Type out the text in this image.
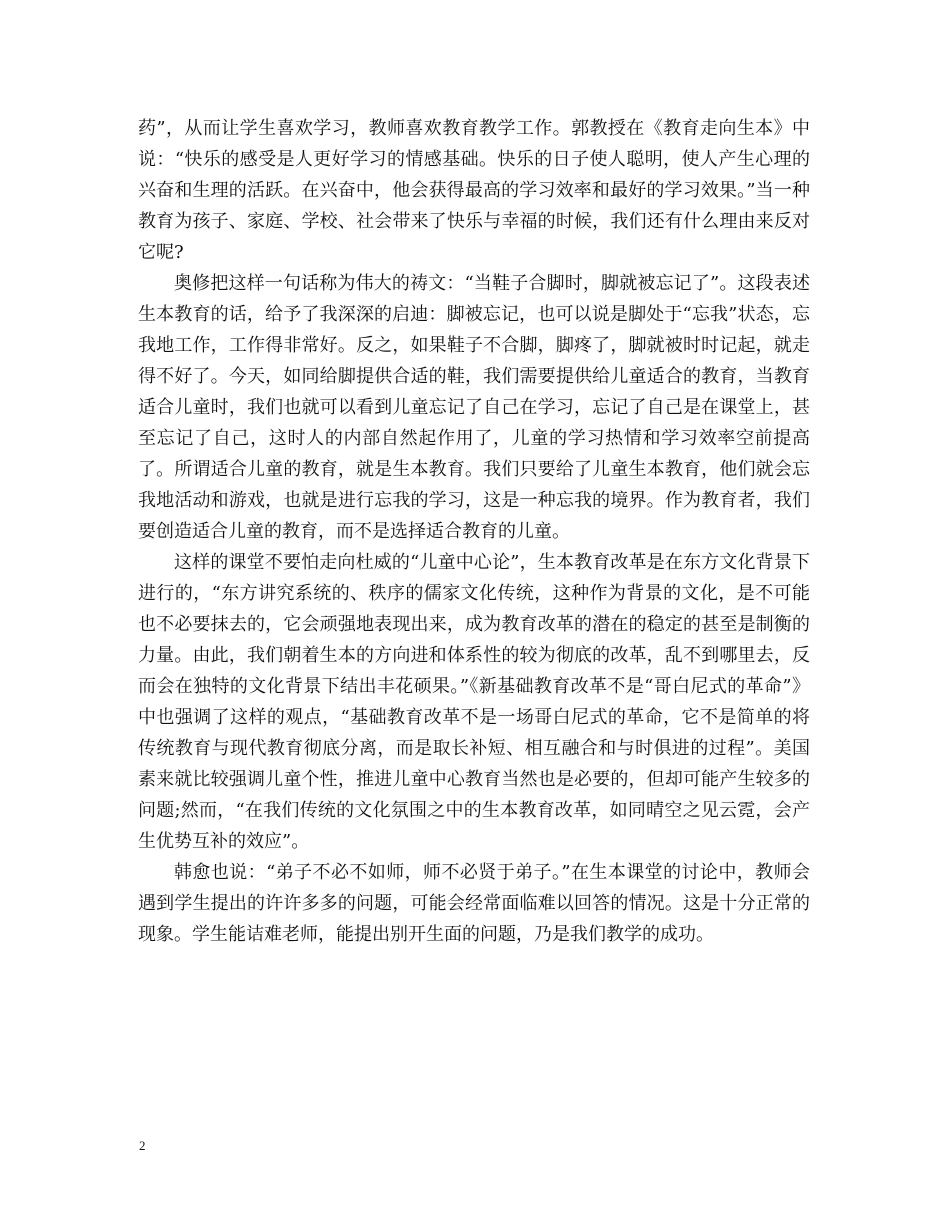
药”，从而让学生喜欢学习，教师喜欢教育教学工作。郭教授在《教育走向生本》中说：“快乐的感受是人更好学习的情感基础。快乐的日子使人聪明，使人产生心理的兴奋和生理的活跃。在兴奋中，他会获得最高的学习效率和最好的学习效果。”当一种教育为孩子、家庭、学校、社会带来了快乐与幸福的时候，我们还有什么理由来反对它呢?

奥修把这样一句话称为伟大的祷文：“当鞋子合脚时，脚就被忘记了”。这段表述生本教育的话，给予了我深深的启迪：脚被忘记，也可以说是脚处于“忘我”状态，忘我地工作，工作得非常好。反之，如果鞋子不合脚，脚疼了，脚就被时时记起，就走得不好了。今天，如同给脚提供合适的鞋，我们需要提供给儿童适合的教育，当教育适合儿童时，我们也就可以看到儿童忘记了自己在学习，忘记了自己是在课堂上，甚至忘记了自己，这时人的内部自然起作用了，儿童的学习热情和学习效率空前提高了。所谓适合儿童的教育，就是生本教育。我们只要给了儿童生本教育，他们就会忘我地活动和游戏，也就是进行忘我的学习，这是一种忘我的境界。作为教育者，我们要创造适合儿童的教育，而不是选择适合教育的儿童。

这样的课堂不要怕走向杜威的“儿童中心论”，生本教育改革是在东方文化背景下进行的，“东方讲究系统的、秩序的儒家文化传统，这种作为背景的文化，是不可能也不必要抹去的，它会顽强地表现出来，成为教育改革的潜在的稳定的甚至是制衡的力量。由此，我们朝着生本的方向进和体系性的较为彻底的改革，乱不到哪里去，反而会在独特的文化背景下结出丰花硕果。”《新基础教育改革不是“哥白尼式的革命”》中也强调了这样的观点，“基础教育改革不是一场哥白尼式的革命，它不是简单的将传统教育与现代教育彻底分离，而是取长补短、相互融合和与时俱进的过程”。美国素来就比较强调儿童个性，推进儿童中心教育当然也是必要的，但却可能产生较多的问题;然而，“在我们传统的文化氛围之中的生本教育改革，如同晴空之见云霓，会产生优势互补的效应”。

韩愈也说：“弟子不必不如师，师不必贤于弟子。”在生本课堂的讨论中，教师会遇到学生提出的许许多多的问题，可能会经常面临难以回答的情况。这是十分正常的现象。学生能诘难老师，能提出别开生面的问题，乃是我们教学的成功。

2
